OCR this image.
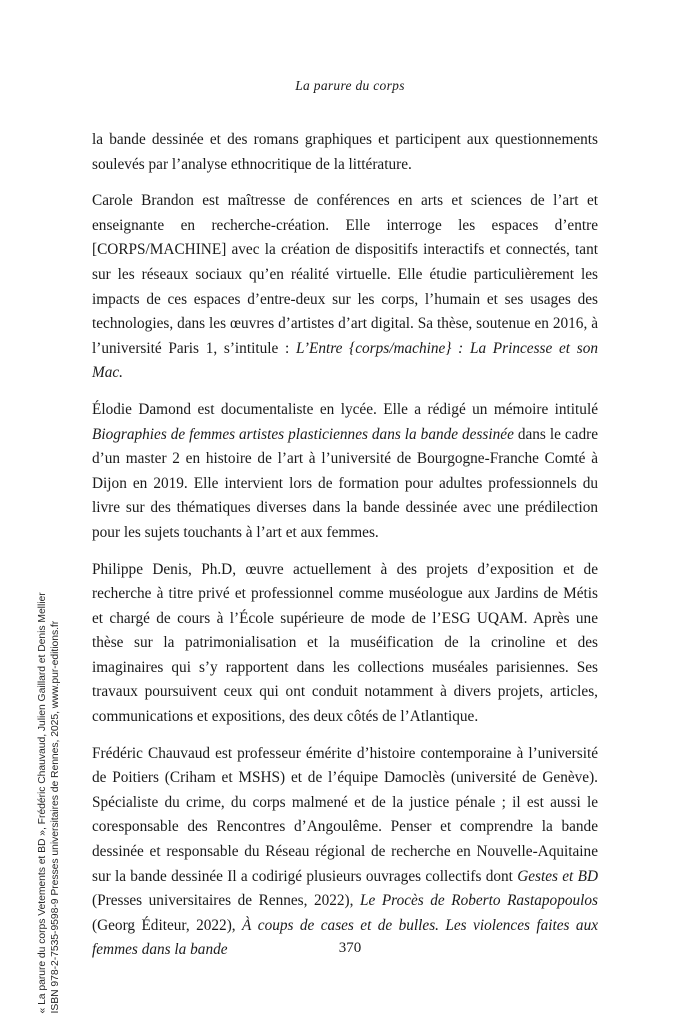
La parure du corps

la bande dessinée et des romans graphiques et participent aux questionnements soulevés par l’analyse ethnocritique de la littérature.

Carole Brandon est maîtresse de conférences en arts et sciences de l’art et enseignante en recherche-création. Elle interroge les espaces d’entre [CORPS/MACHINE] avec la création de dispositifs interactifs et connectés, tant sur les réseaux sociaux qu’en réalité virtuelle. Elle étudie particulièrement les impacts de ces espaces d’entre-deux sur les corps, l’humain et ses usages des technologies, dans les œuvres d’artistes d’art digital. Sa thèse, soutenue en 2016, à l’université Paris 1, s’intitule : L’Entre {corps/machine} : La Princesse et son Mac.

Élodie Damond est documentaliste en lycée. Elle a rédigé un mémoire intitulé Biographies de femmes artistes plasticiennes dans la bande dessinée dans le cadre d’un master 2 en histoire de l’art à l’université de Bourgogne-Franche Comté à Dijon en 2019. Elle intervient lors de formation pour adultes professionnels du livre sur des thématiques diverses dans la bande dessinée avec une prédilection pour les sujets touchants à l’art et aux femmes.

Philippe Denis, Ph.D, œuvre actuellement à des projets d’exposition et de recherche à titre privé et professionnel comme muséologue aux Jardins de Métis et chargé de cours à l’École supérieure de mode de l’ESG UQAM. Après une thèse sur la patrimonialisation et la muséification de la crinoline et des imaginaires qui s’y rapportent dans les collections muséales parisiennes. Ses travaux poursuivent ceux qui ont conduit notamment à divers projets, articles, communications et expositions, des deux côtés de l’Atlantique.

Frédéric Chauvaud est professeur émérite d’histoire contemporaine à l’université de Poitiers (Criham et MSHS) et de l’équipe Damoclès (université de Genève). Spécialiste du crime, du corps malmené et de la justice pénale ; il est aussi le coresponsable des Rencontres d’Angoulême. Penser et comprendre la bande dessinée et responsable du Réseau régional de recherche en Nouvelle-Aquitaine sur la bande dessinée Il a codirigé plusieurs ouvrages collectifs dont Gestes et BD (Presses universitaires de Rennes, 2022), Le Procès de Roberto Rastapopoulos (Georg Éditeur, 2022), À coups de cases et de bulles. Les violences faites aux femmes dans la bande	370
« La parure du corps Vetements et BD », Frédéric Chauvaud, Julien Gaillard et Denis Mellier ISBN 978-2-7535-9598-9 Presses universitaires de Rennes, 2025, www.pur-editions.fr
